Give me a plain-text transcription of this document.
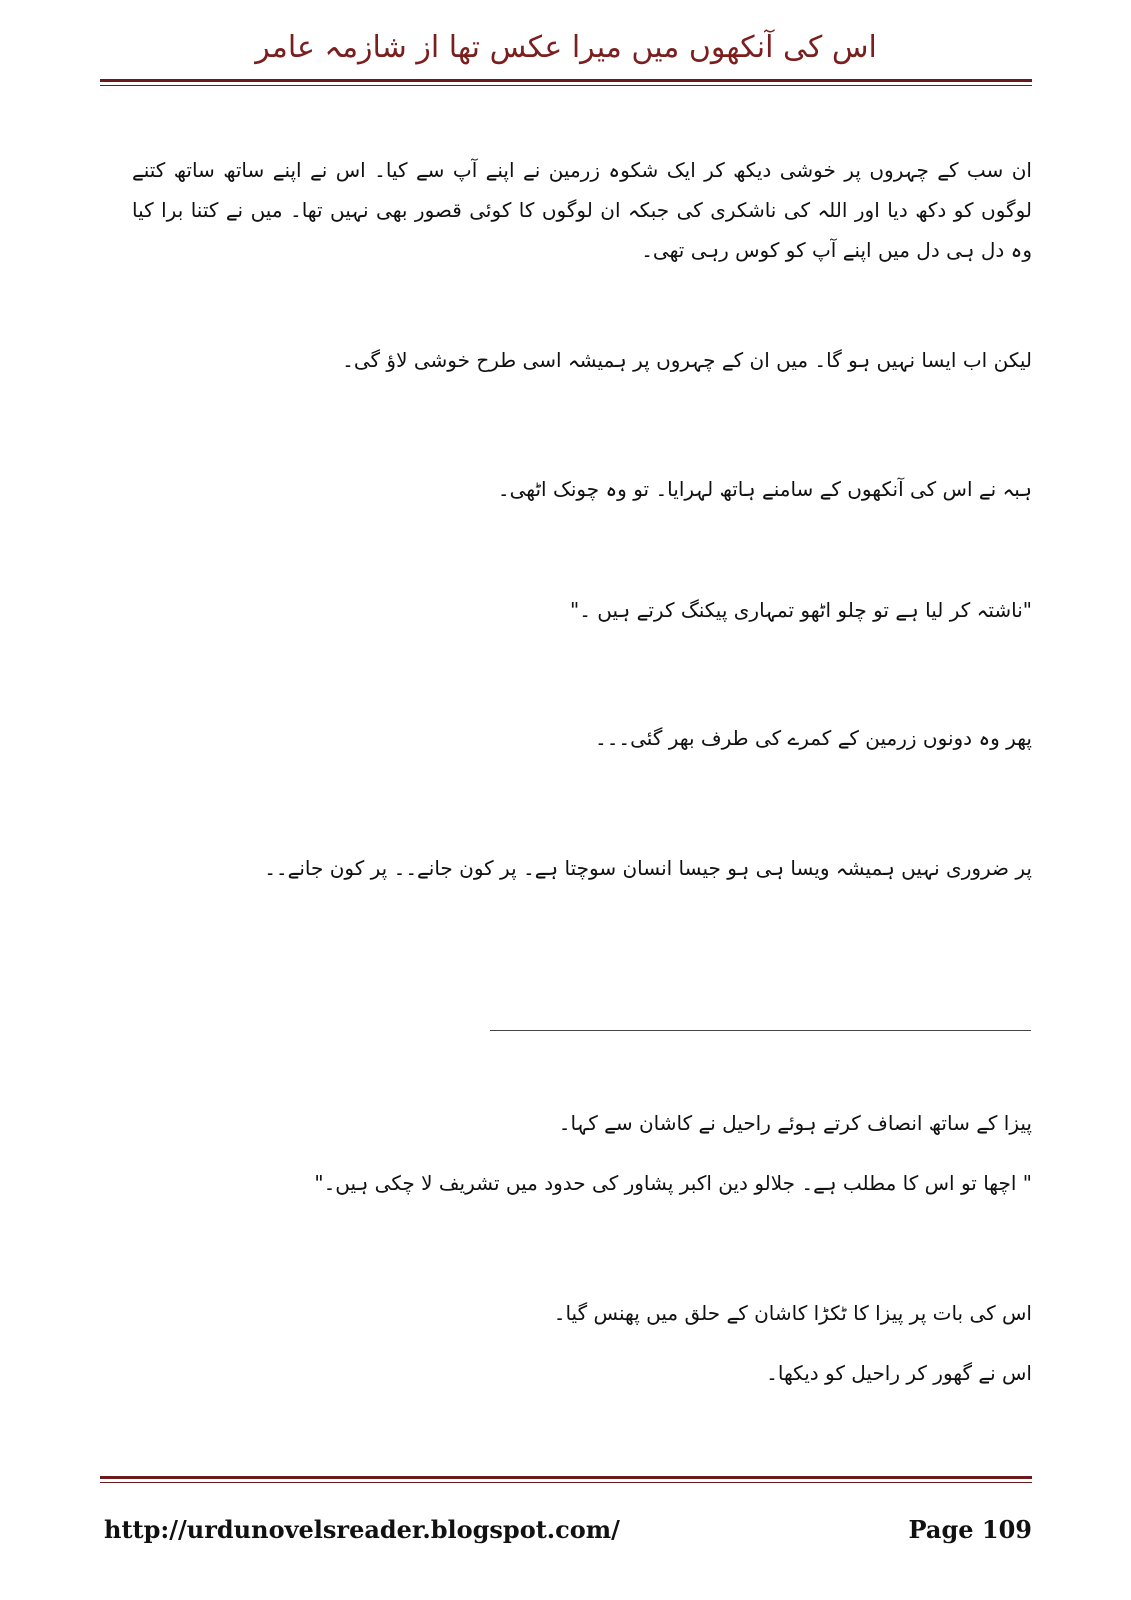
اس کی آنکھوں میں میرا عکس تھا از شازمہ عامر
ان سب کے چہروں پر خوشی دیکھ کر ایک شکوہ زرمین نے اپنے آپ سے کیا۔ اس نے اپنے ساتھ ساتھ کتنے لوگوں کو دکھ دیا اور اللہ کی ناشکری کی جبکہ ان لوگوں کا کوئی قصور بھی نہیں تھا۔ میں نے کتنا برا کیا وہ دل ہی دل میں اپنے آپ کو کوس رہی تھی۔
لیکن اب ایسا نہیں ہو گا۔ میں ان کے چہروں پر ہمیشہ اسی طرح خوشی لاؤ گی۔
ہبہ نے اس کی آنکھوں کے سامنے ہاتھ لہرایا۔ تو وہ چونک اٹھی۔
"ناشتہ کر لیا ہے تو چلو اٹھو تمہاری پیکنگ کرتے ہیں ۔"
پھر وہ دونوں زرمین کے کمرے کی طرف بھر گئی۔۔۔
پر ضروری نہیں ہمیشہ ویسا ہی ہو جیسا انسان سوچتا ہے۔ پر کون جانے۔۔ پر کون جانے۔۔
پیزا کے ساتھ انصاف کرتے ہوئے راحیل نے کاشان سے کہا۔
" اچھا تو اس کا مطلب ہے۔ جلالو دین اکبر پشاور کی حدود میں تشریف لا چکی ہیں۔"
اس کی بات پر پیزا کا ٹکڑا کاشان کے حلق میں پھنس گیا۔
اس نے گھور کر راحیل کو دیکھا۔
http://urdunovelsreader.blogspot.com/	Page 109
